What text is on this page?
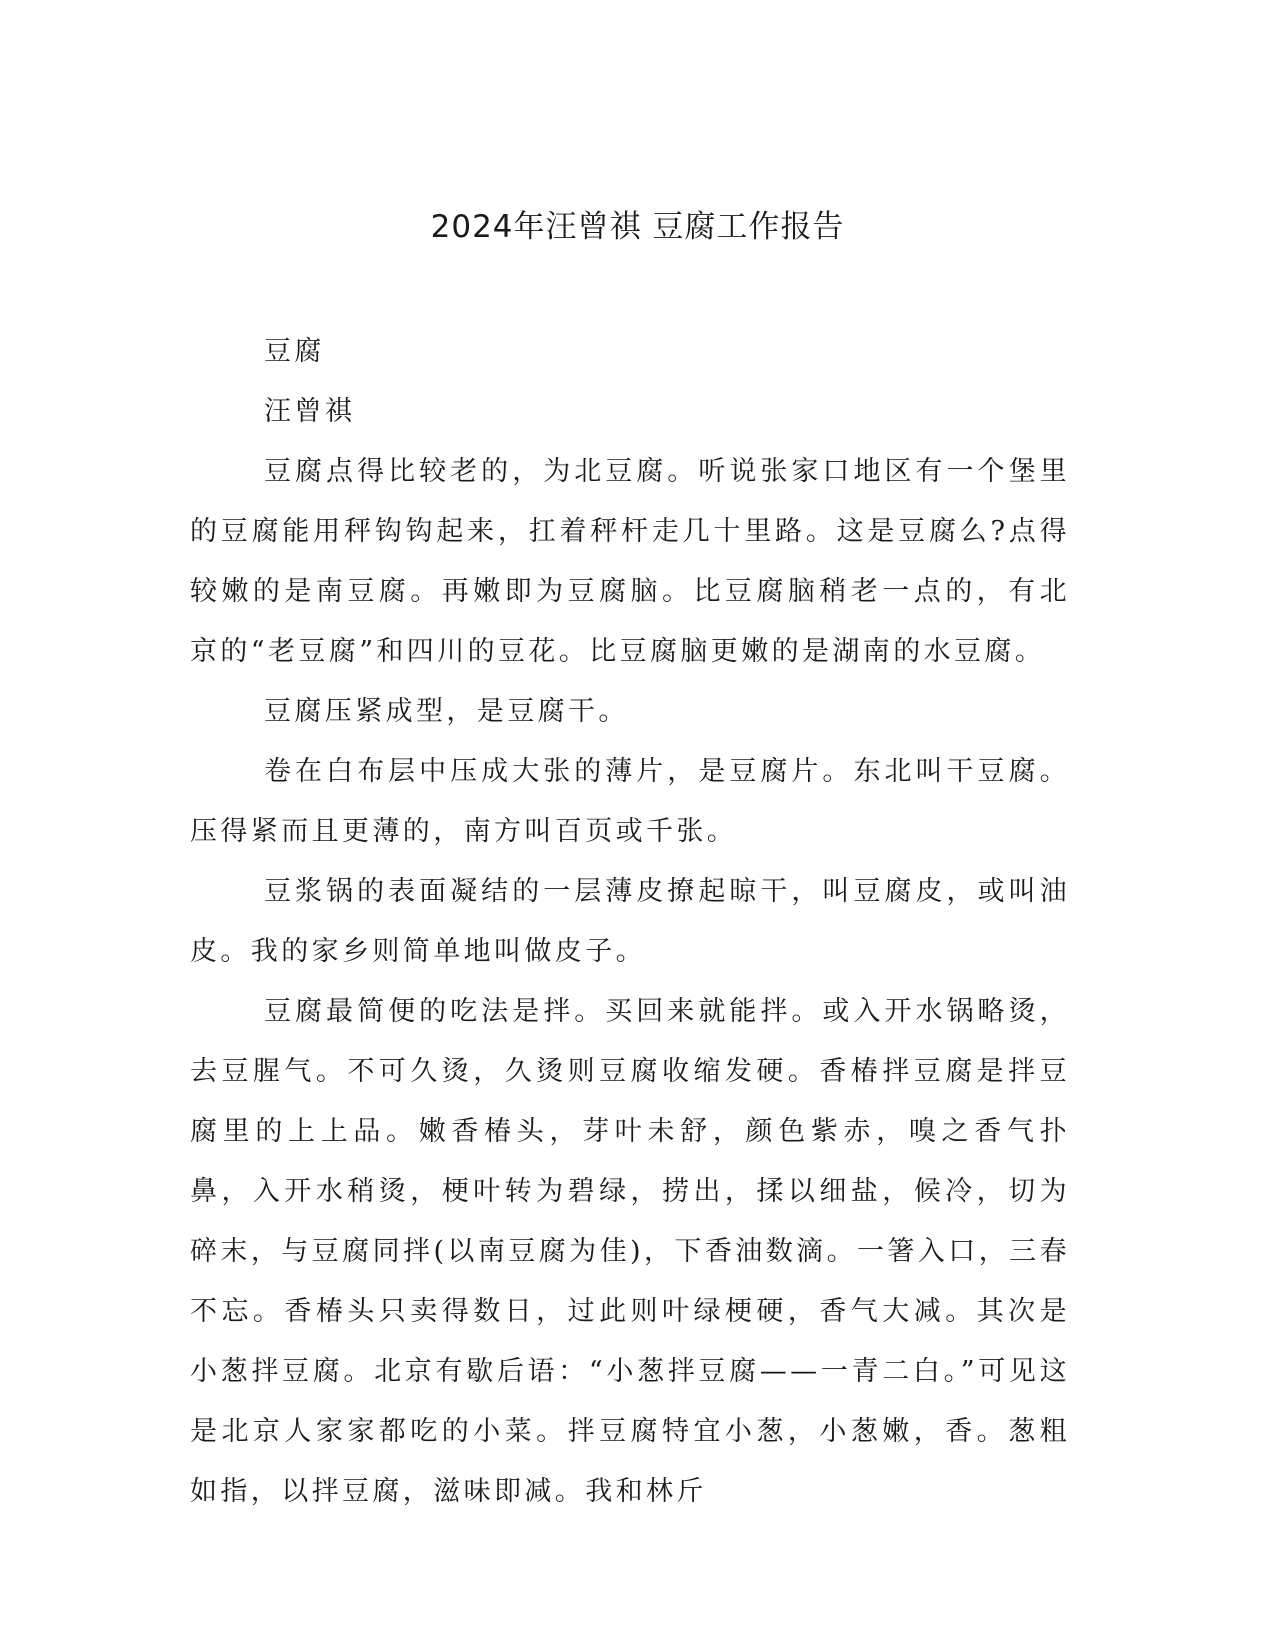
2024年汪曾祺 豆腐工作报告

豆腐

汪曾祺

豆腐点得比较老的，为北豆腐。听说张家口地区有一个堡里的豆腐能用秤钩钩起来，扛着秤杆走几十里路。这是豆腐么?点得较嫩的是南豆腐。再嫩即为豆腐脑。比豆腐脑稍老一点的，有北京的“老豆腐”和四川的豆花。比豆腐脑更嫩的是湖南的水豆腐。

豆腐压紧成型，是豆腐干。

卷在白布层中压成大张的薄片，是豆腐片。东北叫干豆腐。压得紧而且更薄的，南方叫百页或千张。

豆浆锅的表面凝结的一层薄皮撩起晾干，叫豆腐皮，或叫油皮。我的家乡则简单地叫做皮子。

豆腐最简便的吃法是拌。买回来就能拌。或入开水锅略烫，去豆腥气。不可久烫，久烫则豆腐收缩发硬。香椿拌豆腐是拌豆腐里的上上品。嫩香椿头，芽叶未舒，颜色紫赤，嗅之香气扑鼻，入开水稍烫，梗叶转为碧绿，捞出，揉以细盐，候冷，切为碎末，与豆腐同拌(以南豆腐为佳)，下香油数滴。一箸入口，三春不忘。香椿头只卖得数日，过此则叶绿梗硬，香气大减。其次是小葱拌豆腐。北京有歇后语：“小葱拌豆腐——一青二白。”可见这是北京人家家都吃的小菜。拌豆腐特宜小葱，小葱嫩，香。葱粗如指，以拌豆腐，滋味即减。我和林斤
